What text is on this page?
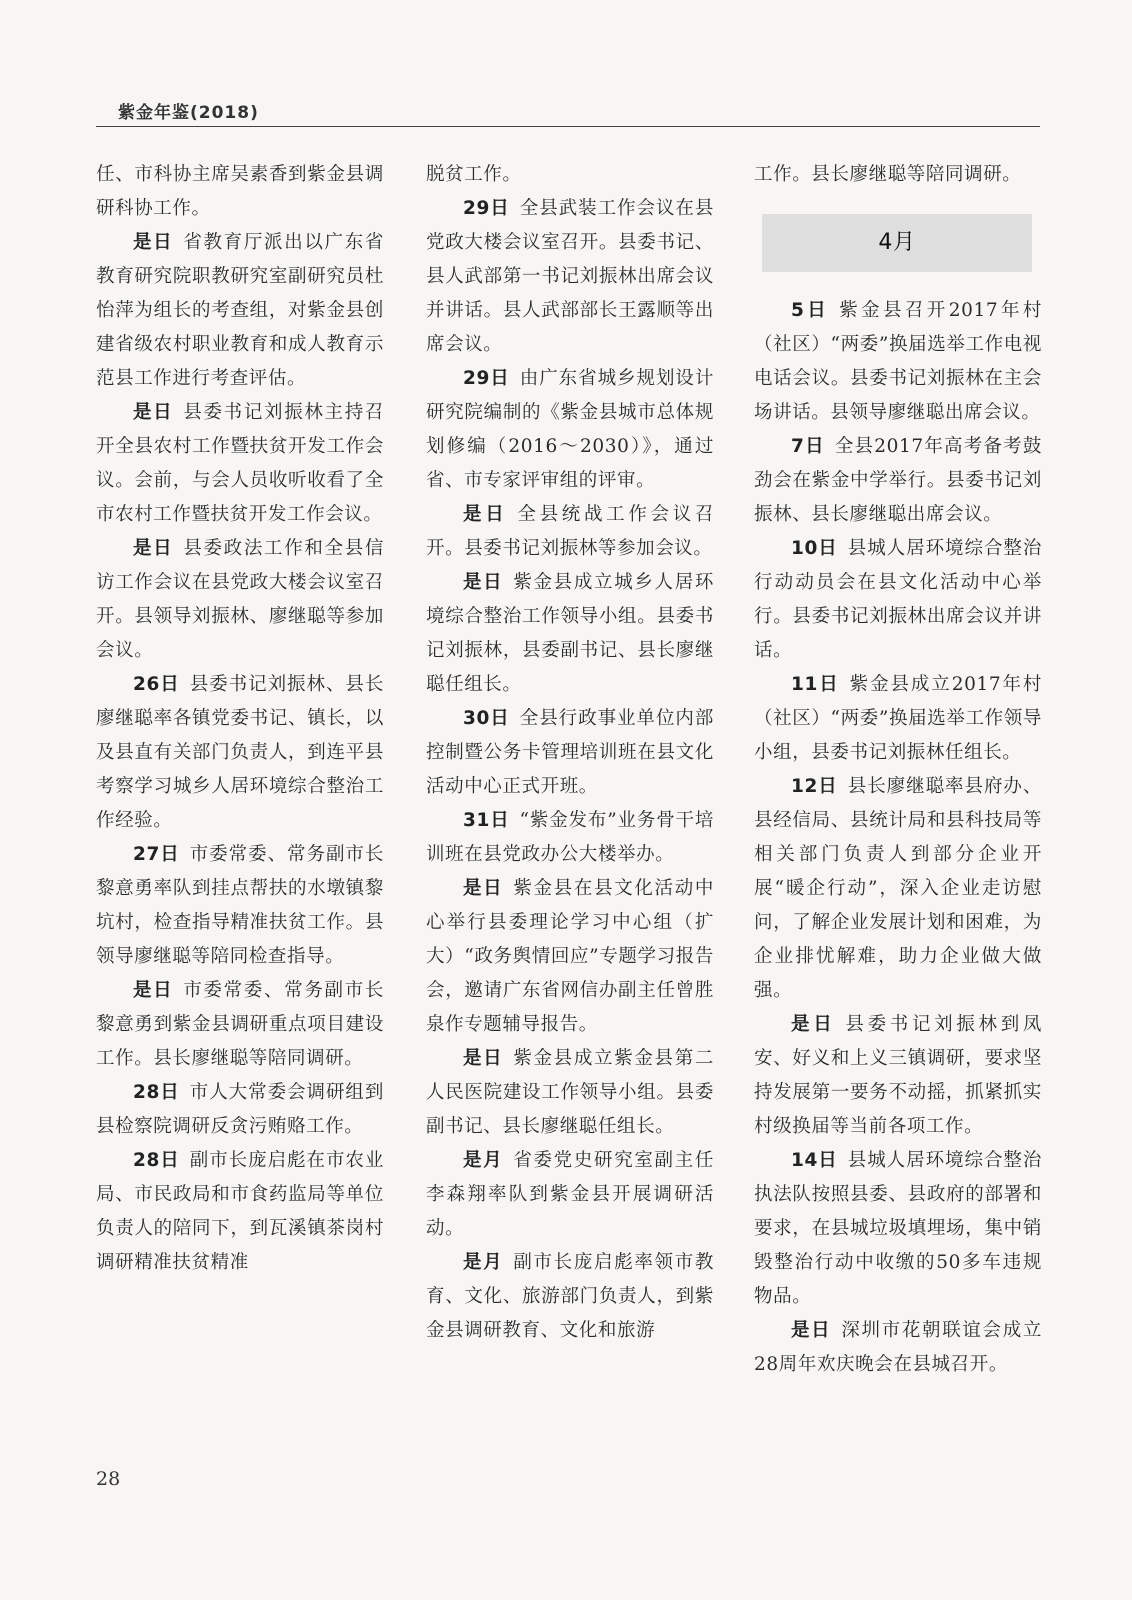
紫金年鉴(2018)

任、市科协主席吴素香到紫金县调研科协工作。

是日 省教育厅派出以广东省教育研究院职教研究室副研究员杜怡萍为组长的考查组，对紫金县创建省级农村职业教育和成人教育示范县工作进行考查评估。

是日 县委书记刘振林主持召开全县农村工作暨扶贫开发工作会议。会前，与会人员收听收看了全市农村工作暨扶贫开发工作会议。

是日 县委政法工作和全县信访工作会议在县党政大楼会议室召开。县领导刘振林、廖继聪等参加会议。

26日 县委书记刘振林、县长廖继聪率各镇党委书记、镇长，以及县直有关部门负责人，到连平县考察学习城乡人居环境综合整治工作经验。

27日 市委常委、常务副市长黎意勇率队到挂点帮扶的水墩镇黎坑村，检查指导精准扶贫工作。县领导廖继聪等陪同检查指导。

是日 市委常委、常务副市长黎意勇到紫金县调研重点项目建设工作。县长廖继聪等陪同调研。

28日 市人大常委会调研组到县检察院调研反贪污贿赂工作。

28日 副市长庞启彪在市农业局、市民政局和市食药监局等单位负责人的陪同下，到瓦溪镇茶岗村调研精准扶贫精准

脱贫工作。

29日 全县武装工作会议在县党政大楼会议室召开。县委书记、县人武部第一书记刘振林出席会议并讲话。县人武部部长王露顺等出席会议。

29日 由广东省城乡规划设计研究院编制的《紫金县城市总体规划修编（2016～2030）》，通过省、市专家评审组的评审。

是日 全县统战工作会议召开。县委书记刘振林等参加会议。

是日 紫金县成立城乡人居环境综合整治工作领导小组。县委书记刘振林，县委副书记、县长廖继聪任组长。

30日 全县行政事业单位内部控制暨公务卡管理培训班在县文化活动中心正式开班。

31日 “紫金发布”业务骨干培训班在县党政办公大楼举办。

是日 紫金县在县文化活动中心举行县委理论学习中心组（扩大）“政务舆情回应”专题学习报告会，邀请广东省网信办副主任曾胜泉作专题辅导报告。

是日 紫金县成立紫金县第二人民医院建设工作领导小组。县委副书记、县长廖继聪任组长。

是月 省委党史研究室副主任李森翔率队到紫金县开展调研活动。

是月 副市长庞启彪率领市教育、文化、旅游部门负责人，到紫金县调研教育、文化和旅游

工作。县长廖继聪等陪同调研。

4月

5日 紫金县召开2017年村（社区）“两委”换届选举工作电视电话会议。县委书记刘振林在主会场讲话。县领导廖继聪出席会议。

7日 全县2017年高考备考鼓劲会在紫金中学举行。县委书记刘振林、县长廖继聪出席会议。

10日 县城人居环境综合整治行动动员会在县文化活动中心举行。县委书记刘振林出席会议并讲话。

11日 紫金县成立2017年村（社区）“两委”换届选举工作领导小组，县委书记刘振林任组长。

12日 县长廖继聪率县府办、县经信局、县统计局和县科技局等相关部门负责人到部分企业开展“暖企行动”，深入企业走访慰问，了解企业发展计划和困难，为企业排忧解难，助力企业做大做强。

是日 县委书记刘振林到凤安、好义和上义三镇调研，要求坚持发展第一要务不动摇，抓紧抓实村级换届等当前各项工作。

14日 县城人居环境综合整治执法队按照县委、县政府的部署和要求，在县城垃圾填埋场，集中销毁整治行动中收缴的50多车违规物品。

是日 深圳市花朝联谊会成立28周年欢庆晚会在县城召开。

28
